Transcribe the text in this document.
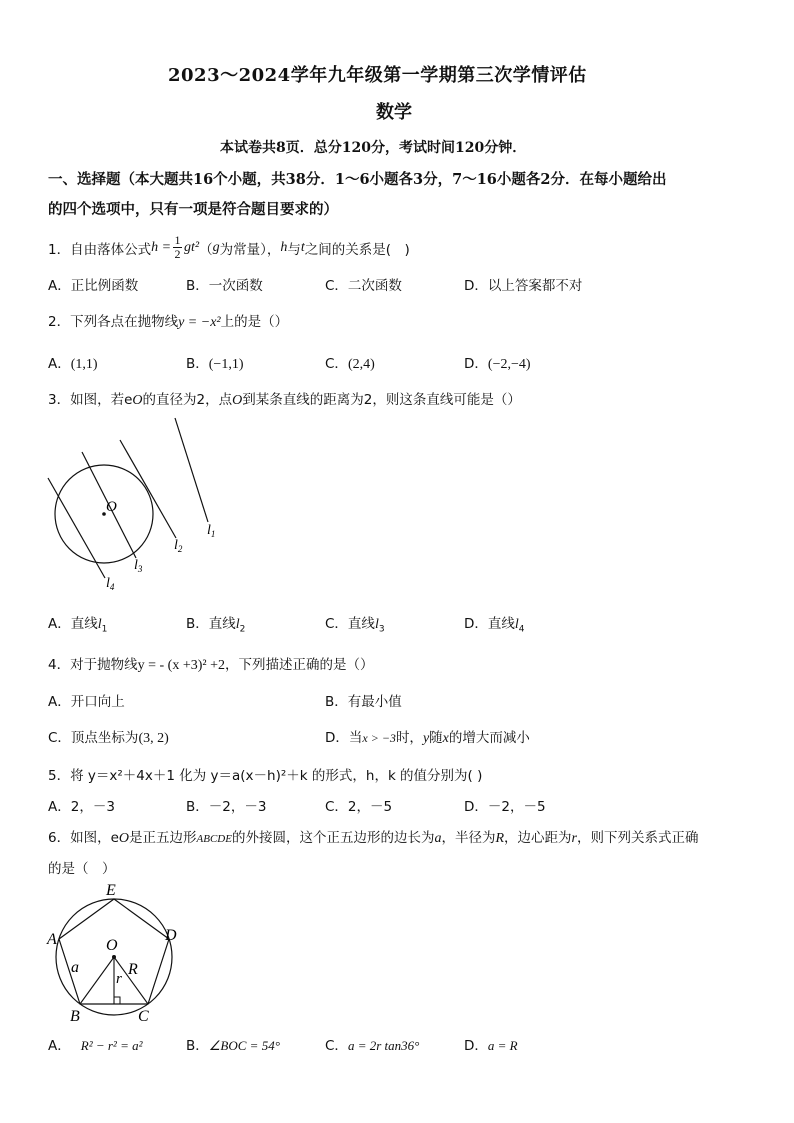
2023～2024学年九年级第一学期第三次学情评估
数学
本试卷共8页．总分120分，考试时间120分钟．
一、选择题（本大题共16个小题，共38分．1～6小题各3分，7～16小题各2分．在每小题给出
的四个选项中，只有一项是符合题目要求的）
1．自由落体公式 h = 1
2 gt² （ g 为常量）， h 与 t 之间的关系是(　)
A．正比例函数	B．一次函数	C．二次函数	D．以上答案都不对
2．下列各点在抛物线y = −x²上的是（）
A．(1,1)	B．(−1,1)	C．(2,4)	D．(−2,−4)
3．如图，若eO的直径为2，点O到某条直线的距离为2，则这条直线可能是（）
O
$l_1$
$l_2$
$l_3$
$l_4$
A．直线$l_1$	B．直线$l_2$	C．直线$l_3$	D．直线$l_4$
4．对于抛物线y = - (x +3)² +2，下列描述正确的是（）
A．开口向上	B．有最小值
C．顶点坐标为(3, 2)	D．当x > −3时，y随x的增大而减小
5．将 y＝x²＋4x＋1 化为 y＝a(x－h)²＋k 的形式，h，k 的值分别为( )
A．2，－3	B．－2，－3	C．2，－5	D．－2，－5
6．如图，eO是正五边形ABCDE的外接圆，这个正五边形的边长为a，半径为R，边心距为r，则下列关系式正确
的是（　）
E
A	D
O
a
r
R
B	C
A． R² − r² = a²	B．∠BOC = 54°	C．a = 2r tan36°	D．a = R
